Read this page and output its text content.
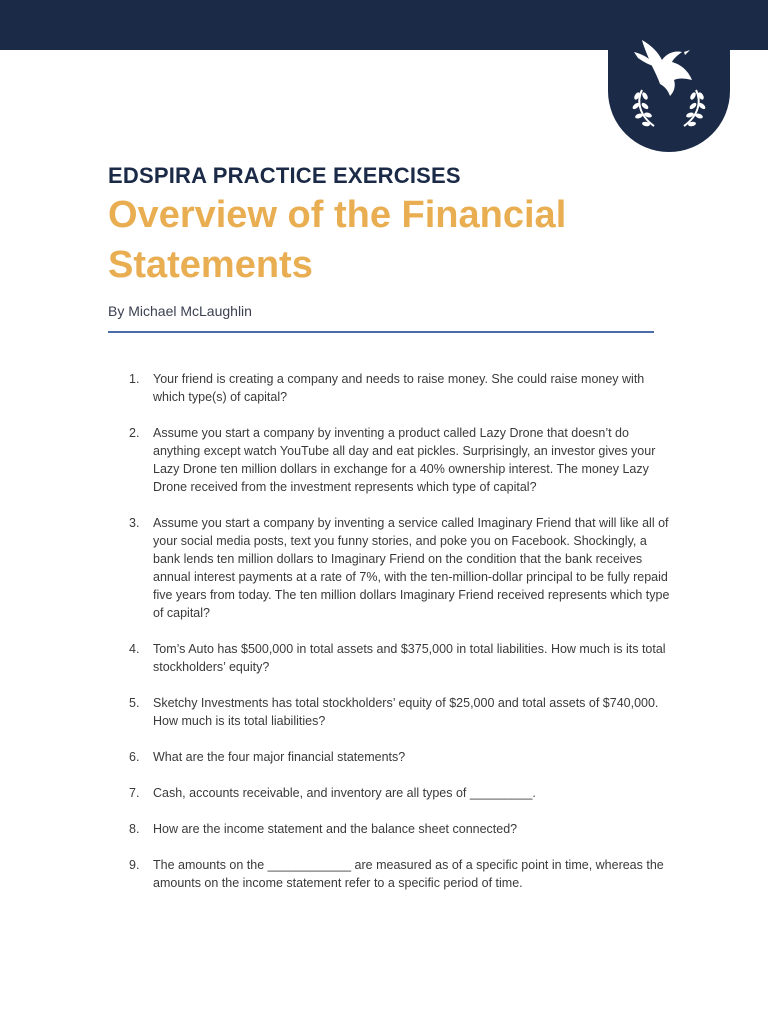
EDSPIRA PRACTICE EXERCISES

Overview of the Financial Statements

By Michael McLaughlin

1. Your friend is creating a company and needs to raise money. She could raise money with which type(s) of capital?
2. Assume you start a company by inventing a product called Lazy Drone that doesn’t do anything except watch YouTube all day and eat pickles. Surprisingly, an investor gives your Lazy Drone ten million dollars in exchange for a 40% ownership interest. The money Lazy Drone received from the investment represents which type of capital?
3. Assume you start a company by inventing a service called Imaginary Friend that will like all of your social media posts, text you funny stories, and poke you on Facebook. Shockingly, a bank lends ten million dollars to Imaginary Friend on the condition that the bank receives annual interest payments at a rate of 7%, with the ten-million-dollar principal to be fully repaid five years from today. The ten million dollars Imaginary Friend received represents which type of capital?
4. Tom’s Auto has $500,000 in total assets and $375,000 in total liabilities. How much is its total stockholders’ equity?
5. Sketchy Investments has total stockholders’ equity of $25,000 and total assets of $740,000. How much is its total liabilities?
6. What are the four major financial statements?
7. Cash, accounts receivable, and inventory are all types of _________.
8. How are the income statement and the balance sheet connected?
9. The amounts on the ____________ are measured as of a specific point in time, whereas the amounts on the income statement refer to a specific period of time.
